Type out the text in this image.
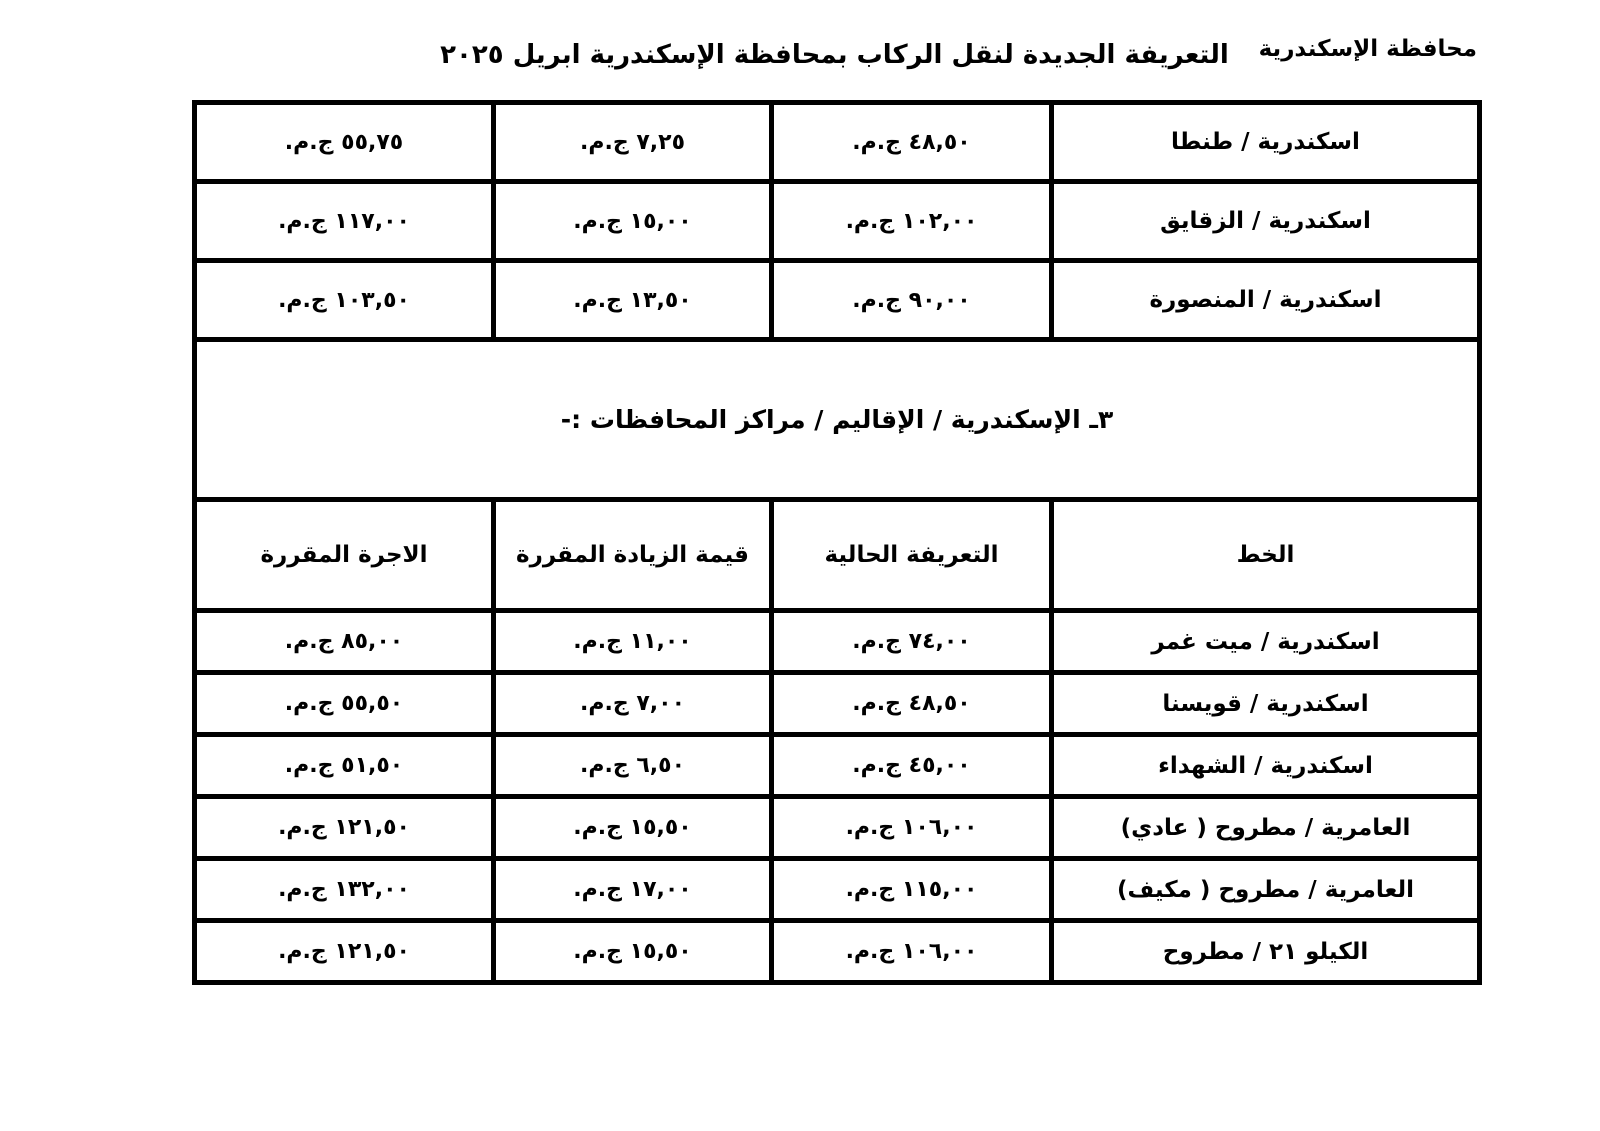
محافظة الإسكندرية
التعريفة الجديدة لنقل الركاب بمحافظة الإسكندرية ابريل ٢٠٢٥
اسكندرية / طنطا	٤٨,٥٠ ج.م.	٧,٢٥ ج.م.	٥٥,٧٥ ج.م.
اسكندرية / الزقايق	١٠٢,٠٠ ج.م.	١٥,٠٠ ج.م.	١١٧,٠٠ ج.م.
اسكندرية / المنصورة	٩٠,٠٠ ج.م.	١٣,٥٠ ج.م.	١٠٣,٥٠ ج.م.
٣ـ الإسكندرية / الإقاليم / مراكز المحافظات :-			
الخط	التعريفة الحالية	قيمة الزيادة المقررة	الاجرة المقررة
اسكندرية / ميت غمر	٧٤,٠٠ ج.م.	١١,٠٠ ج.م.	٨٥,٠٠ ج.م.
اسكندرية / قويسنا	٤٨,٥٠ ج.م.	٧,٠٠ ج.م.	٥٥,٥٠ ج.م.
اسكندرية / الشهداء	٤٥,٠٠ ج.م.	٦,٥٠ ج.م.	٥١,٥٠ ج.م.
العامرية / مطروح ( عادي)	١٠٦,٠٠ ج.م.	١٥,٥٠ ج.م.	١٢١,٥٠ ج.م.
العامرية / مطروح ( مكيف)	١١٥,٠٠ ج.م.	١٧,٠٠ ج.م.	١٣٢,٠٠ ج.م.
الكيلو ٢١ / مطروح	١٠٦,٠٠ ج.م.	١٥,٥٠ ج.م.	١٢١,٥٠ ج.م.
